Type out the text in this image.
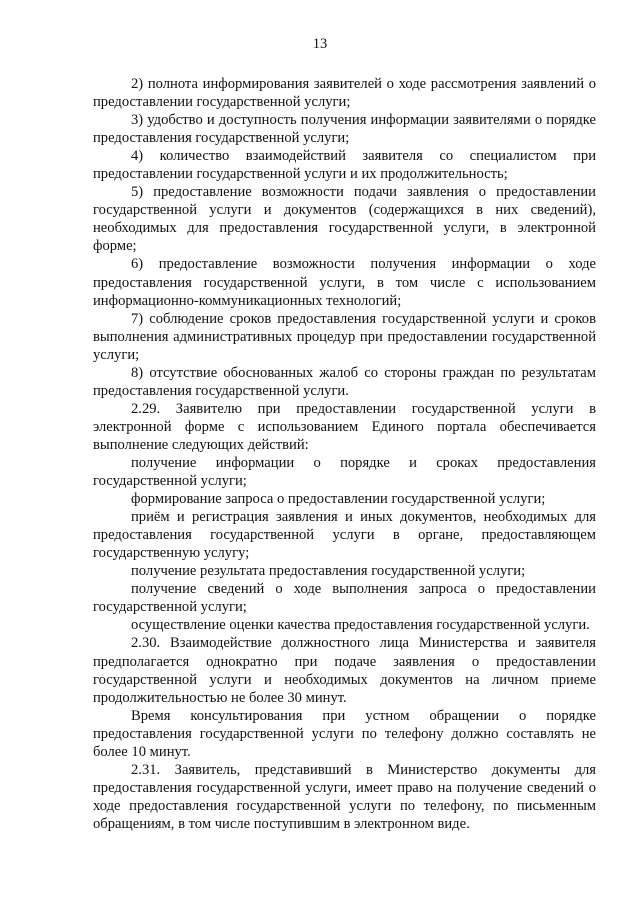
13

2) полнота информирования заявителей о ходе рассмотрения заявлений о предоставлении государственной услуги;

3) удобство и доступность получения информации заявителями о порядке предоставления государственной услуги;

4) количество взаимодействий заявителя со специалистом при предоставлении государственной услуги и их продолжительность;

5) предоставление возможности подачи заявления о предоставлении государственной услуги и документов (содержащихся в них сведений), необходимых для предоставления государственной услуги, в электронной форме;

6) предоставление возможности получения информации о ходе предоставления государственной услуги, в том числе с использованием информационно-коммуникационных технологий;

7) соблюдение сроков предоставления государственной услуги и сроков выполнения административных процедур при предоставлении государственной услуги;

8) отсутствие обоснованных жалоб со стороны граждан по результатам предоставления государственной услуги.

2.29. Заявителю при предоставлении государственной услуги в электронной форме с использованием Единого портала обеспечивается выполнение следующих действий:

получение информации о порядке и сроках предоставления государственной услуги;

формирование запроса о предоставлении государственной услуги;

приём и регистрация заявления и иных документов, необходимых для предоставления государственной услуги в органе, предоставляющем государственную услугу;

получение результата предоставления государственной услуги;

получение сведений о ходе выполнения запроса о предоставлении государственной услуги;

осуществление оценки качества предоставления государственной услуги.

2.30. Взаимодействие должностного лица Министерства и заявителя предполагается однократно при подаче заявления о предоставлении государственной услуги и необходимых документов на личном приеме продолжительностью не более 30 минут.

Время консультирования при устном обращении о порядке предоставления государственной услуги по телефону должно составлять не более 10 минут.

2.31. Заявитель, представивший в Министерство документы для предоставления государственной услуги, имеет право на получение сведений о ходе предоставления государственной услуги по телефону, по письменным обращениям, в том числе поступившим в электронном виде.
